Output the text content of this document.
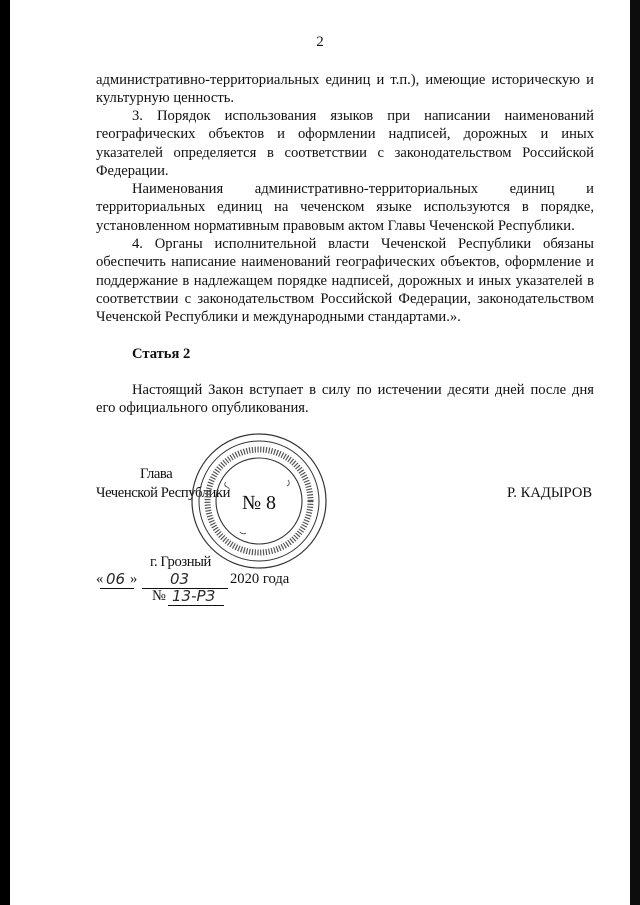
2

административно-территориальных единиц и т.п.), имеющие историческую и культурную ценность.

3. Порядок использования языков при написании наименований географических объектов и оформлении надписей, дорожных и иных указателей определяется в соответствии с законодательством Российской Федерации.

Наименования административно-территориальных единиц и территориальных единиц на чеченском языке используются в порядке, установленном нормативным правовым актом Главы Чеченской Республики.

4. Органы исполнительной власти Чеченской Республики обязаны обеспечить написание наименований географических объектов, оформление и поддержание в надлежащем порядке надписей, дорожных и иных указателей в соответствии с законодательством Российской Федерации, законодательством Чеченской Республики и международными стандартами.».

Статья 2

Настоящий Закон вступает в силу по истечении десяти дней после дня его официального опубликования.

Глава
Чеченской Республики	Р. КАДЫРОВ
№ 8
г. Грозный
« 06 » 03	2020 года
№ 13-РЗ
